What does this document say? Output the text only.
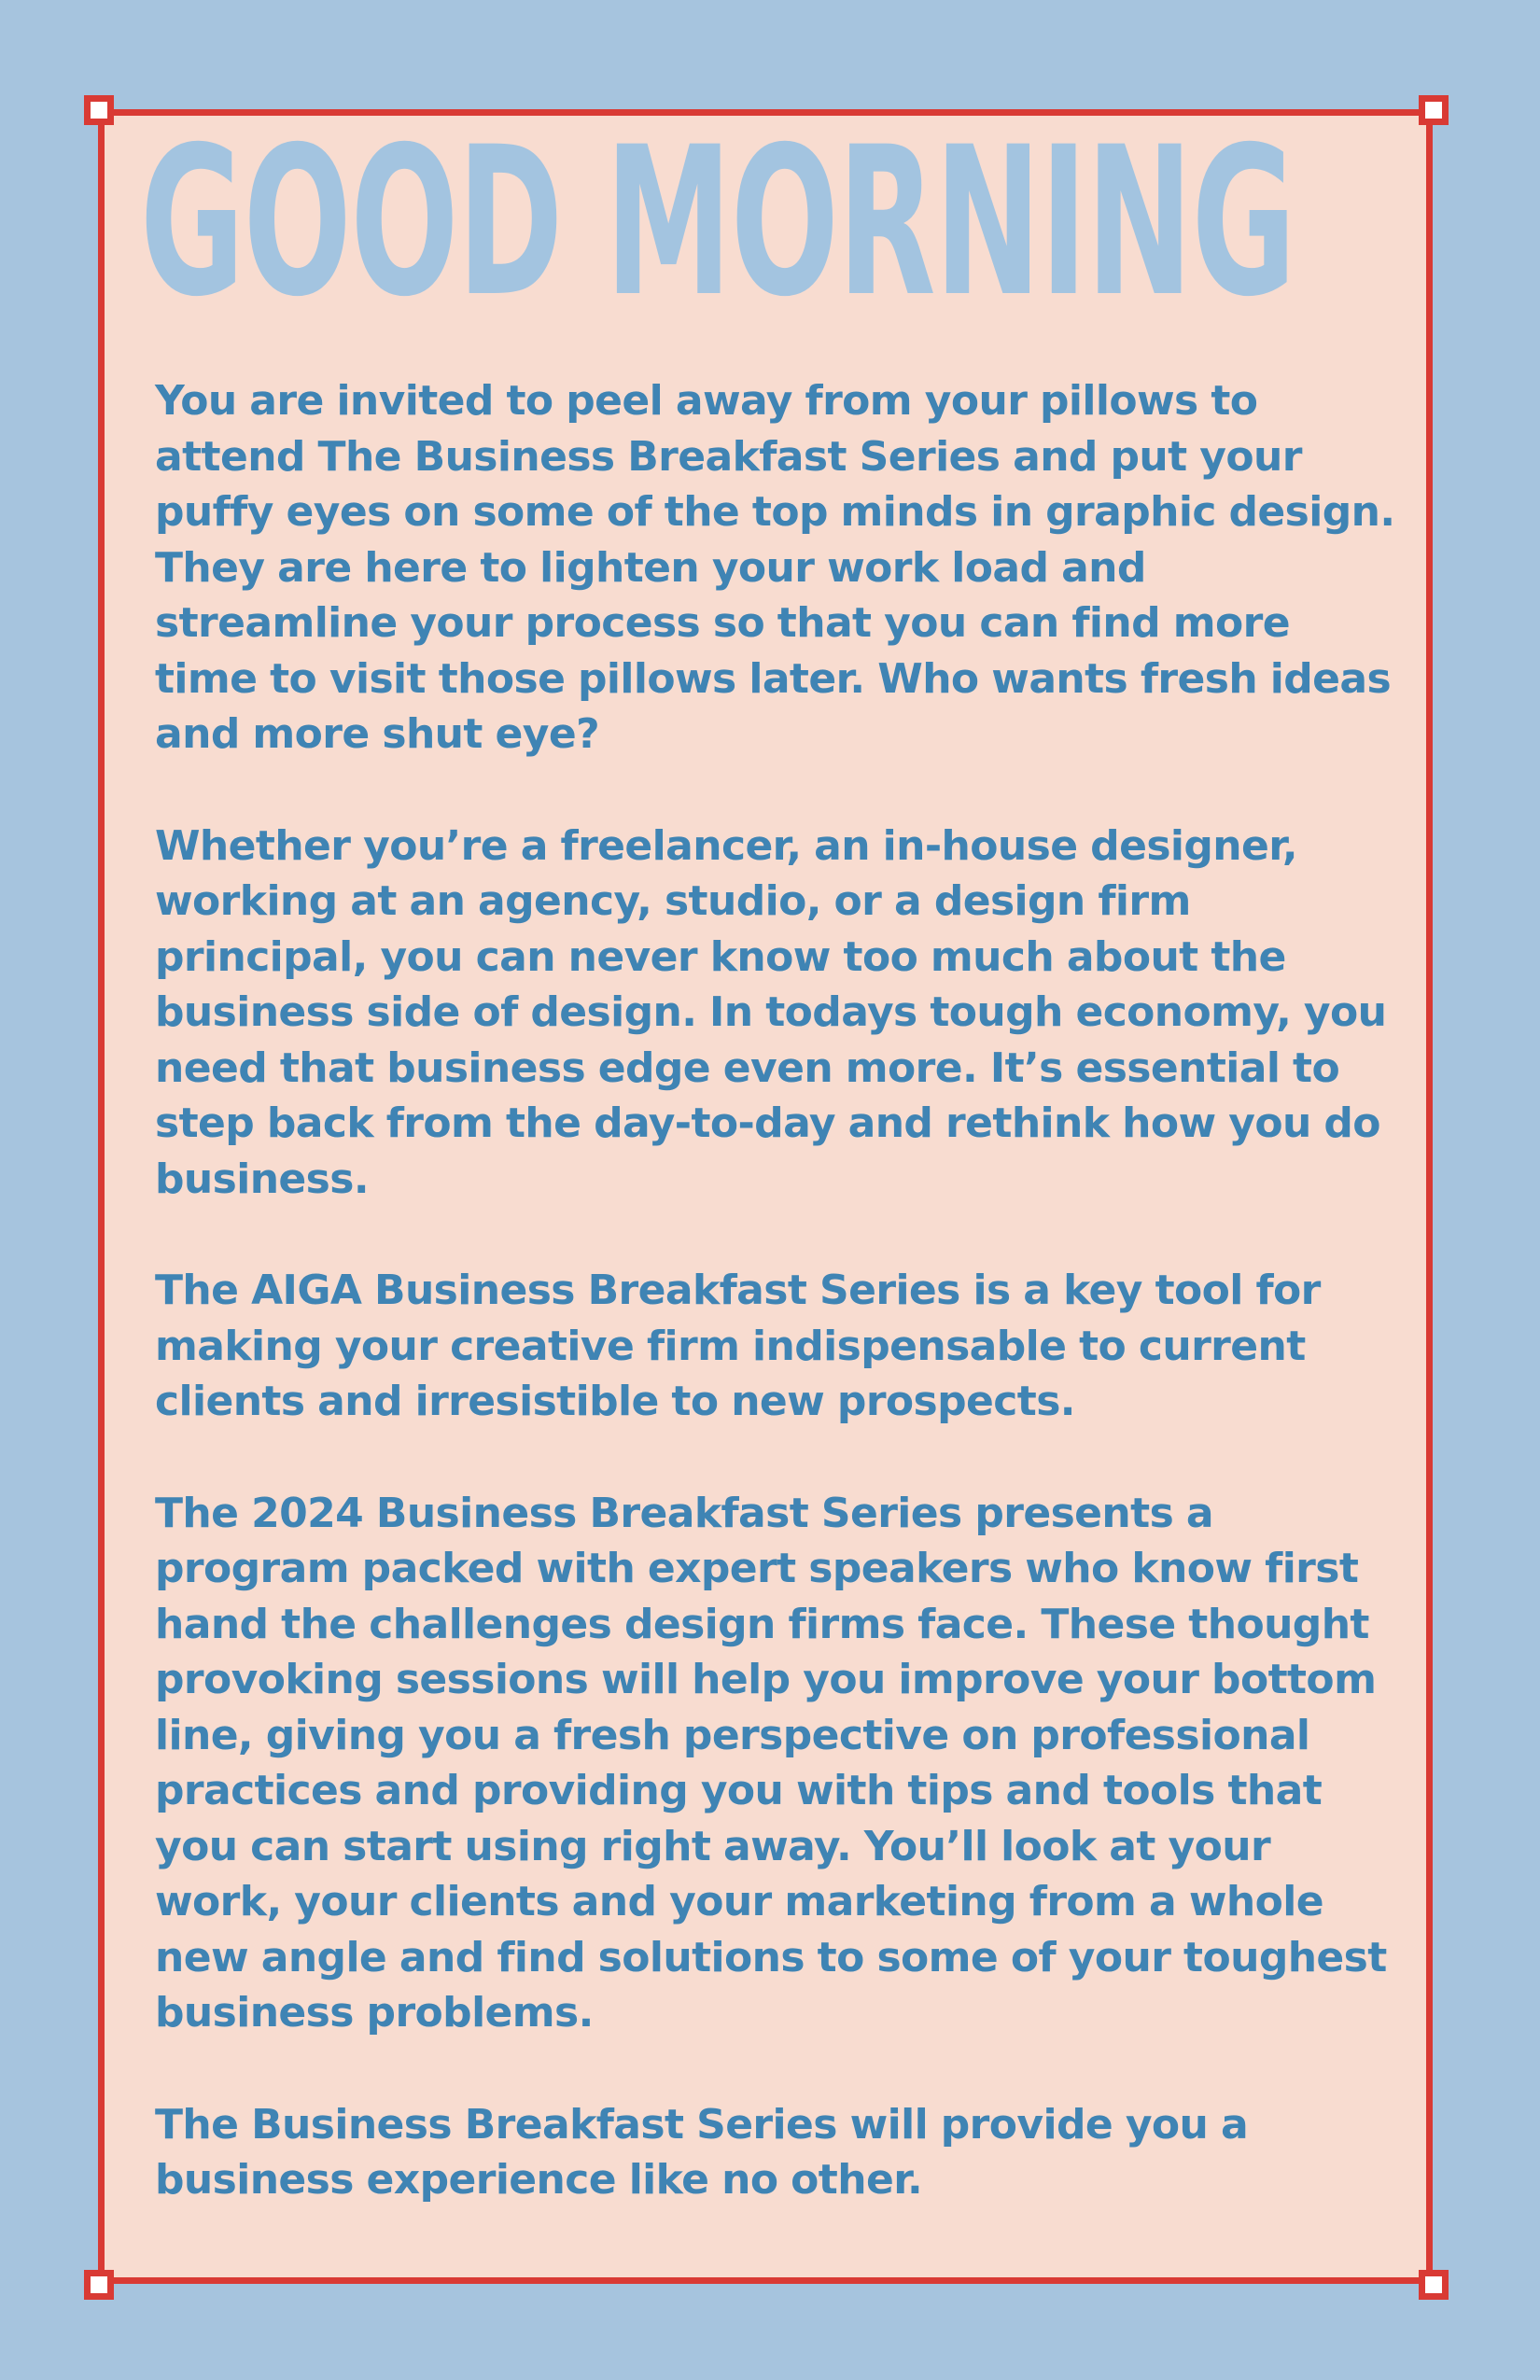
GOOD MORNING

You are invited to peel away from your pillows to attend The Business Breakfast Series and put your puffy eyes on some of the top minds in graphic design. They are here to lighten your work load and streamline your process so that you can find more time to visit those pillows later. Who wants fresh ideas and more shut eye?

Whether you’re a freelancer, an in-house designer, working at an agency, studio, or a design firm principal, you can never know too much about the business side of design. In todays tough economy, you need that business edge even more. It’s essential to step back from the day-to-day and rethink how you do business.

The AIGA Business Breakfast Series is a key tool for making your creative firm indispensable to current clients and irresistible to new prospects.

The 2024 Business Breakfast Series presents a program packed with expert speakers who know first hand the challenges design firms face. These thought provoking sessions will help you improve your bottom line, giving you a fresh perspective on professional practices and providing you with tips and tools that you can start using right away. You’ll look at your work, your clients and your marketing from a whole new angle and find solutions to some of your toughest business problems.

The Business Breakfast Series will provide you a business experience like no other.
